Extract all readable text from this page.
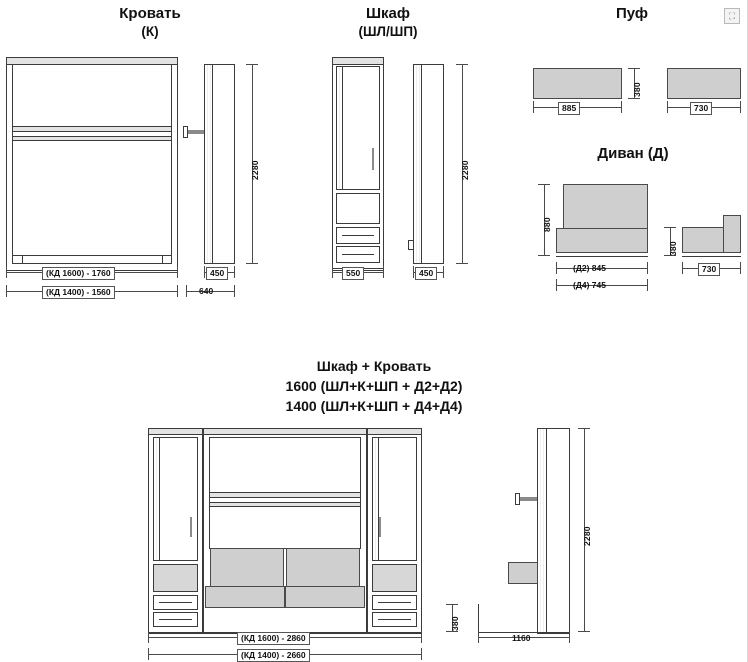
⛶
Кровать
(К)
Шкаф
(ШЛ/ШП)
Пуф
Диван (Д)
(КД 1600) - 1760
(КД 1400) - 1560
2280
450
640
550
2280
450
885
380
730
880
(Д2) 845
(Д4) 745
380
730
Шкаф + Кровать
1600 (ШЛ+К+ШП + Д2+Д2)
1400 (ШЛ+К+ШП + Д4+Д4)
(КД 1600) - 2860
(КД 1400) - 2660
2280
380
1160
